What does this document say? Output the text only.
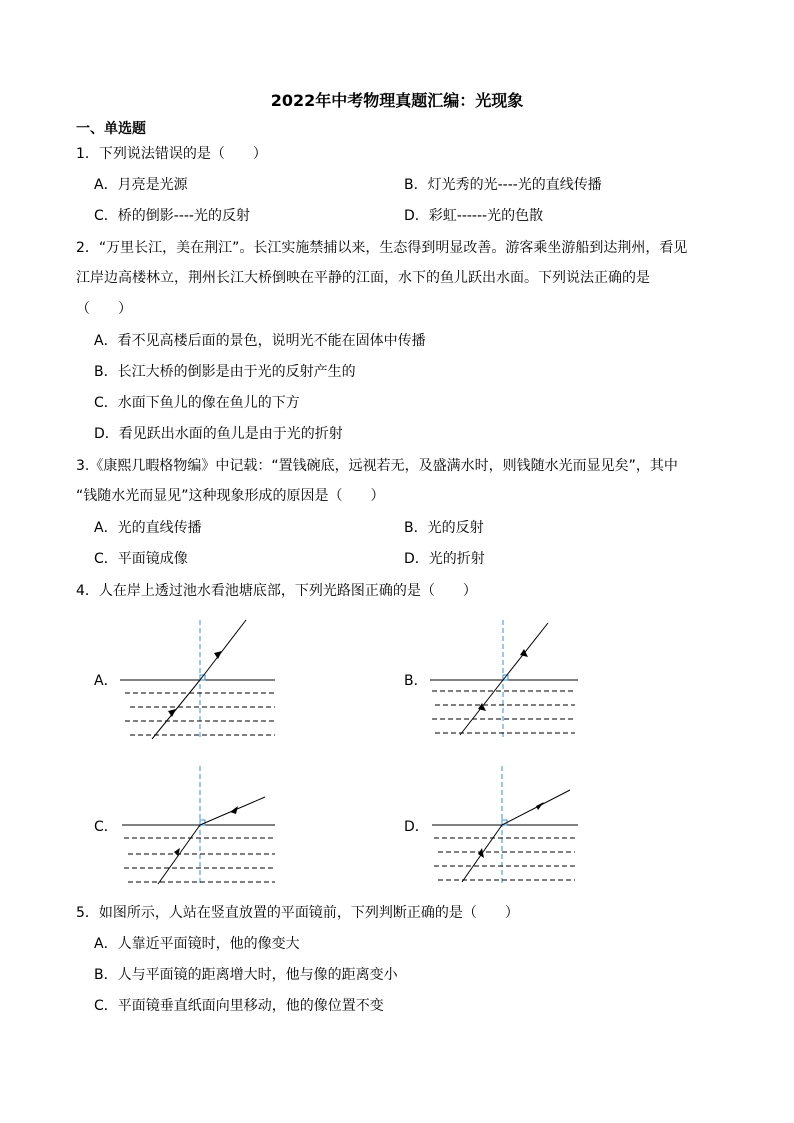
2022年中考物理真题汇编：光现象
一、单选题
1．下列说法错误的是（　　）
A．月亮是光源	B．灯光秀的光----光的直线传播
C．桥的倒影----光的反射	D．彩虹------光的色散
2．“万里长江，美在荆江”。长江实施禁捕以来，生态得到明显改善。游客乘坐游船到达荆州，看见
江岸边高楼林立，荆州长江大桥倒映在平静的江面，水下的鱼儿跃出水面。下列说法正确的是
（　　）
A．看不见高楼后面的景色，说明光不能在固体中传播
B．长江大桥的倒影是由于光的反射产生的
C．水面下鱼儿的像在鱼儿的下方
D．看见跃出水面的鱼儿是由于光的折射
3.《康熙几暇格物编》中记载：“置钱碗底，远视若无，及盛满水时，则钱随水光而显见矣”，其中
“钱随水光而显见”这种现象形成的原因是（　　）
A．光的直线传播	B．光的反射
C．平面镜成像	D．光的折射
4．人在岸上透过池水看池塘底部，下列光路图正确的是（　　）
A．	B．
C．	D．
5．如图所示，人站在竖直放置的平面镜前，下列判断正确的是（　　）
A．人靠近平面镜时，他的像变大
B．人与平面镜的距离增大时，他与像的距离变小
C．平面镜垂直纸面向里移动，他的像位置不变
